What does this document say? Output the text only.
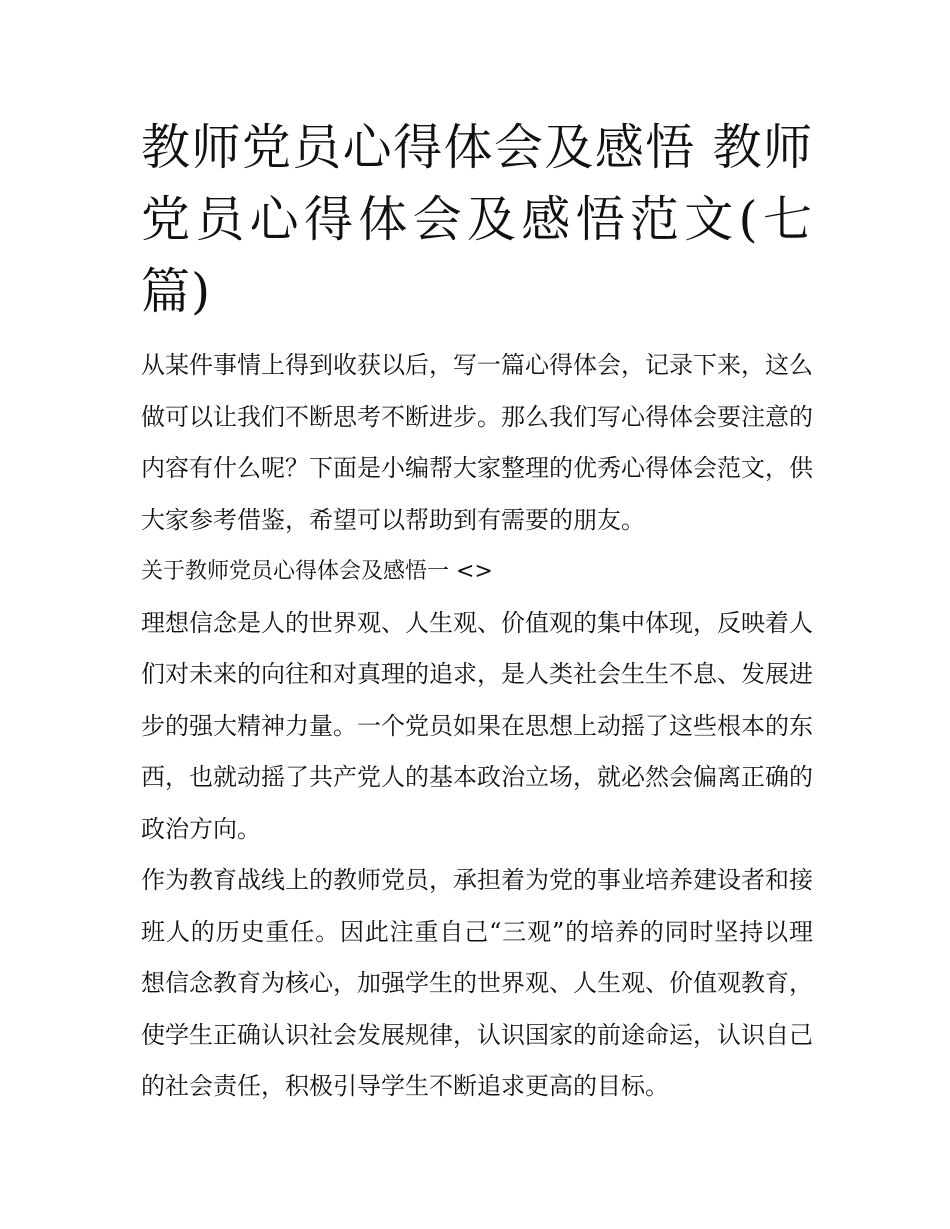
教师党员心得体会及感悟 教师党员心得体会及感悟范文(七篇)

从某件事情上得到收获以后，写一篇心得体会，记录下来，这么做可以让我们不断思考不断进步。那么我们写心得体会要注意的内容有什么呢？下面是小编帮大家整理的优秀心得体会范文，供大家参考借鉴，希望可以帮助到有需要的朋友。

关于教师党员心得体会及感悟一 <>

理想信念是人的世界观、人生观、价值观的集中体现，反映着人们对未来的向往和对真理的追求，是人类社会生生不息、发展进步的强大精神力量。一个党员如果在思想上动摇了这些根本的东西，也就动摇了共产党人的基本政治立场，就必然会偏离正确的政治方向。

作为教育战线上的教师党员，承担着为党的事业培养建设者和接班人的历史重任。因此注重自己“三观”的培养的同时坚持以理想信念教育为核心，加强学生的世界观、人生观、价值观教育，使学生正确认识社会发展规律，认识国家的前途命运，认识自己的社会责任，积极引导学生不断追求更高的目标。
